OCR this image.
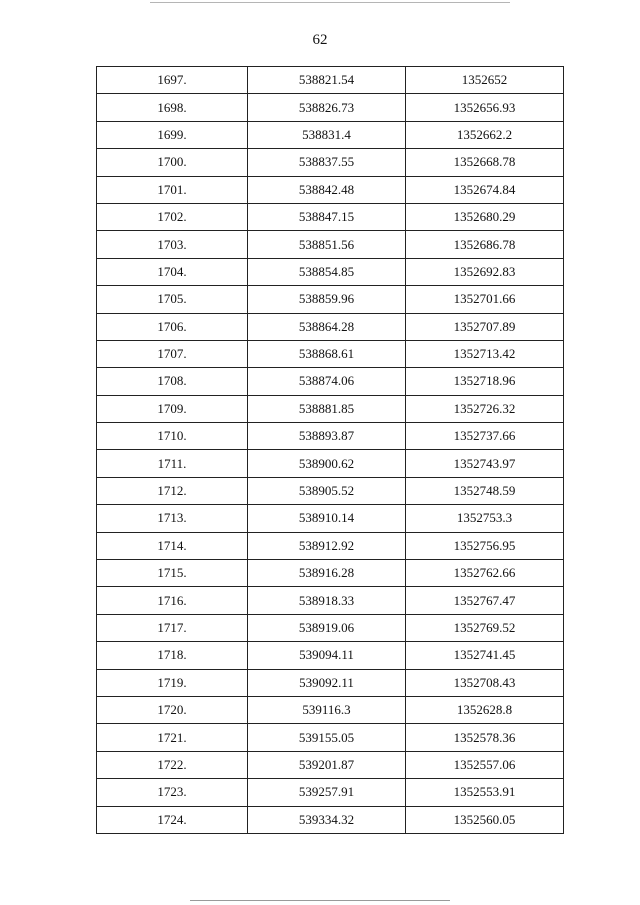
62
1697.	538821.54	1352652
1698.	538826.73	1352656.93
1699.	538831.4	1352662.2
1700.	538837.55	1352668.78
1701.	538842.48	1352674.84
1702.	538847.15	1352680.29
1703.	538851.56	1352686.78
1704.	538854.85	1352692.83
1705.	538859.96	1352701.66
1706.	538864.28	1352707.89
1707.	538868.61	1352713.42
1708.	538874.06	1352718.96
1709.	538881.85	1352726.32
1710.	538893.87	1352737.66
1711.	538900.62	1352743.97
1712.	538905.52	1352748.59
1713.	538910.14	1352753.3
1714.	538912.92	1352756.95
1715.	538916.28	1352762.66
1716.	538918.33	1352767.47
1717.	538919.06	1352769.52
1718.	539094.11	1352741.45
1719.	539092.11	1352708.43
1720.	539116.3	1352628.8
1721.	539155.05	1352578.36
1722.	539201.87	1352557.06
1723.	539257.91	1352553.91
1724.	539334.32	1352560.05
